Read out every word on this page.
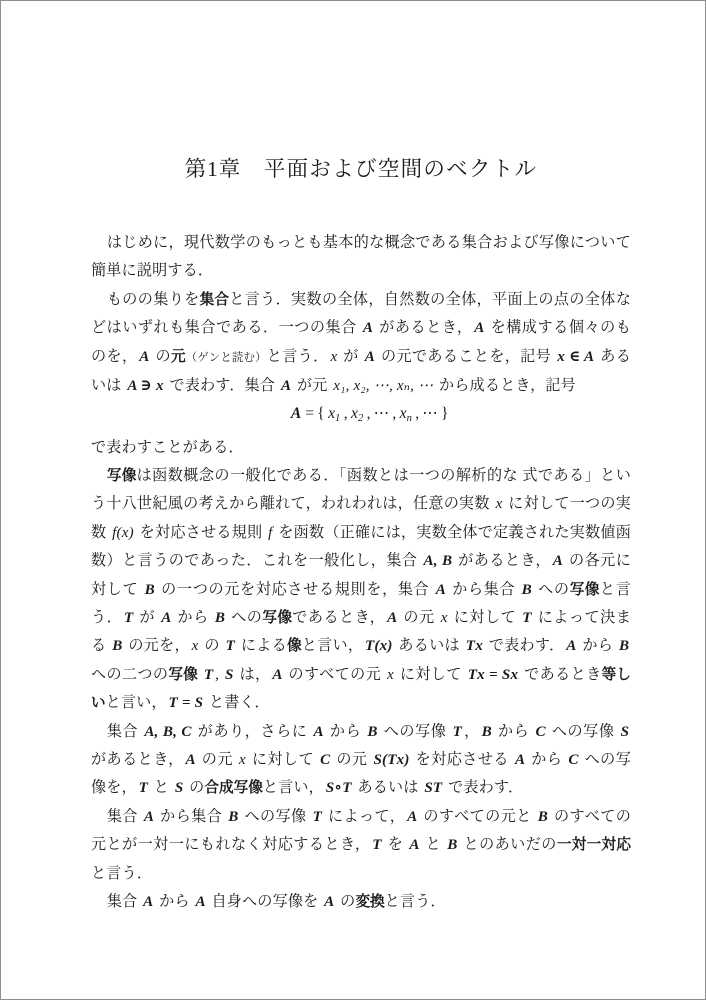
第1章　 平面および空間のベクトル

はじめに，現代数学のもっとも基本的な概念である集合および写像について簡単に説明する．

ものの集りを集合と言う．実数の全体，自然数の全体，平面上の点の全体などはいずれも集合である．一つの集合 A があるとき， A を構成する個々のものを， A の元（ゲンと読む）と言う． x が A の元であることを，記号 x ∈ A あるいは A ∋ x で表わす．集合 A が元 x₁, x₂, ⋯, xₙ, ⋯ から成るとき，記号

A = { x1 , x2 , ⋯ , xn , ⋯ }

で表わすことがある．

写像は函数概念の一般化である．「函数とは一つの解析的な 式である」という十八世紀風の考えから離れて，われわれは，任意の実数 x に対して一つの実数 f(x) を対応させる規則 f を函数（正確には，実数全体で定義された実数値函数）と言うのであった．これを一般化し，集合 A, B があるとき， A の各元に対して B の一つの元を対応させる規則を，集合 A から集合 B への写像と言う． T が A から B への写像であるとき， A の元 x に対して T によって決まる B の元を， x の T による像と言い， T(x) あるいは Tx で表わす． A から B への二つの写像 T , S は， A のすべての元 x に対して Tx = Sx であるとき等しいと言い， T = S と書く．

集合 A, B, C があり，さらに A から B への写像 T ， B から C への写像 S があるとき， A の元 x に対して C の元 S(Tx) を対応させる A から C への写像を， T と S の合成写像と言い， S∘T あるいは ST で表わす．

集合 A から集合 B への写像 T によって， A のすべての元と B のすべての元とが一対一にもれなく対応するとき， T を A と B とのあいだの一対一対応と言う．

集合 A から A 自身への写像を A の変換と言う．
